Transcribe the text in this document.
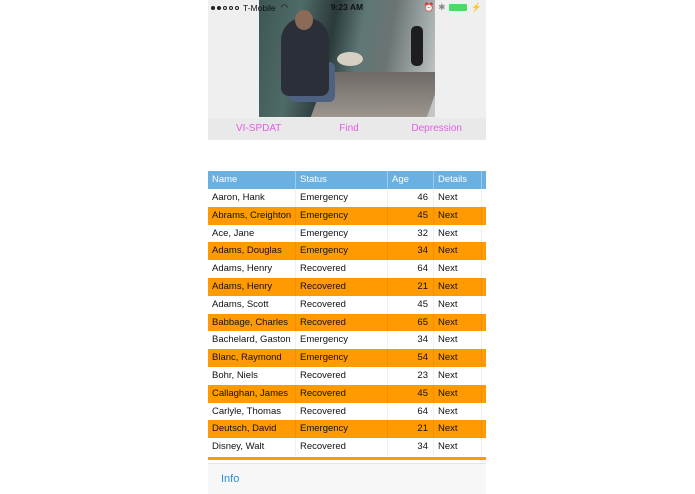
T-Mobile ◠	9:23 AM	⏰ ✱	⚡
VI-SPDAT	Find	Depression
Name	Status	Age	Details
Aaron, Hank	Emergency	46	Next
Abrams, Creighton Emergency	45	Next
Ace, Jane	Emergency	32	Next
Adams, Douglas	Emergency	34	Next
Adams, Henry	Recovered	64	Next
Adams, Henry	Recovered	21	Next
Adams, Scott	Recovered	45	Next
Babbage, Charles	Recovered	65	Next
Bachelard, Gaston Emergency	34	Next
Blanc, Raymond	Emergency	54	Next
Bohr, Niels	Recovered	23	Next
Callaghan, James	Recovered	45	Next
Carlyle, Thomas	Recovered	64	Next
Deutsch, David	Emergency	21	Next
Disney, Walt	Recovered	34	Next
Info
